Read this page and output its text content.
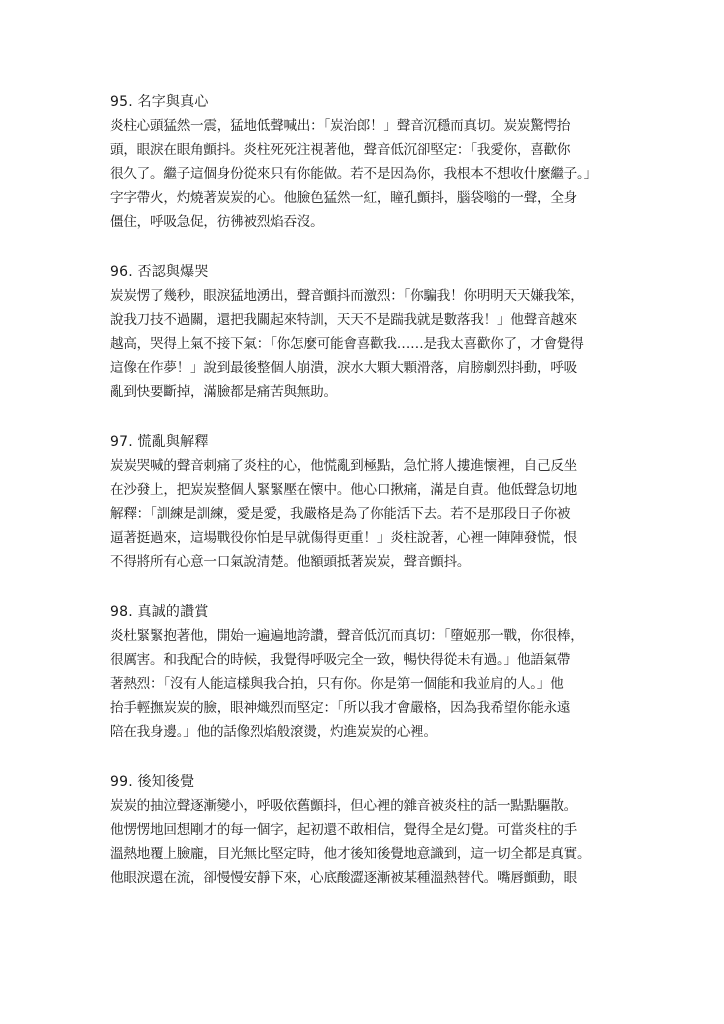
95. 名字與真心
炎柱心頭猛然一震，猛地低聲喊出：「炭治郎！」聲音沉穩而真切。炭炭驚愕抬
頭，眼淚在眼角顫抖。炎柱死死注視著他，聲音低沉卻堅定：「我愛你，喜歡你
很久了。繼子這個身份從來只有你能做。若不是因為你，我根本不想收什麼繼子。」
字字帶火，灼燒著炭炭的心。他臉色猛然一紅，瞳孔顫抖，腦袋嗡的一聲，全身
僵住，呼吸急促，彷彿被烈焰吞沒。
96. 否認與爆哭
炭炭愣了幾秒，眼淚猛地湧出，聲音顫抖而激烈：「你騙我！你明明天天嫌我笨，
說我刀技不過關，還把我關起來特訓，天天不是踹我就是數落我！」他聲音越來
越高，哭得上氣不接下氣：「你怎麼可能會喜歡我……是我太喜歡你了，才會覺得
這像在作夢！」說到最後整個人崩潰，淚水大顆大顆滑落，肩膀劇烈抖動，呼吸
亂到快要斷掉，滿臉都是痛苦與無助。
97. 慌亂與解釋
炭炭哭喊的聲音刺痛了炎柱的心，他慌亂到極點，急忙將人摟進懷裡，自己反坐
在沙發上，把炭炭整個人緊緊壓在懷中。他心口揪痛，滿是自責。他低聲急切地
解釋：「訓練是訓練，愛是愛，我嚴格是為了你能活下去。若不是那段日子你被
逼著挺過來，這場戰役你怕是早就傷得更重！」炎柱說著，心裡一陣陣發慌，恨
不得將所有心意一口氣說清楚。他額頭抵著炭炭，聲音顫抖。
98. 真誠的讚賞
炎杜緊緊抱著他，開始一遍遍地誇讚，聲音低沉而真切：「墮姬那一戰，你很棒，
很厲害。和我配合的時候，我覺得呼吸完全一致，暢快得從未有過。」他語氣帶
著熱烈：「沒有人能這樣與我合拍，只有你。你是第一個能和我並肩的人。」他
抬手輕撫炭炭的臉，眼神熾烈而堅定：「所以我才會嚴格，因為我希望你能永遠
陪在我身邊。」他的話像烈焰般滾燙，灼進炭炭的心裡。
99. 後知後覺
炭炭的抽泣聲逐漸變小，呼吸依舊顫抖，但心裡的雜音被炎柱的話一點點驅散。
他愣愣地回想剛才的每一個字，起初還不敢相信，覺得全是幻覺。可當炎柱的手
溫熱地覆上臉龐，目光無比堅定時，他才後知後覺地意識到，這一切全都是真實。
他眼淚還在流，卻慢慢安靜下來，心底酸澀逐漸被某種溫熱替代。嘴唇顫動，眼
